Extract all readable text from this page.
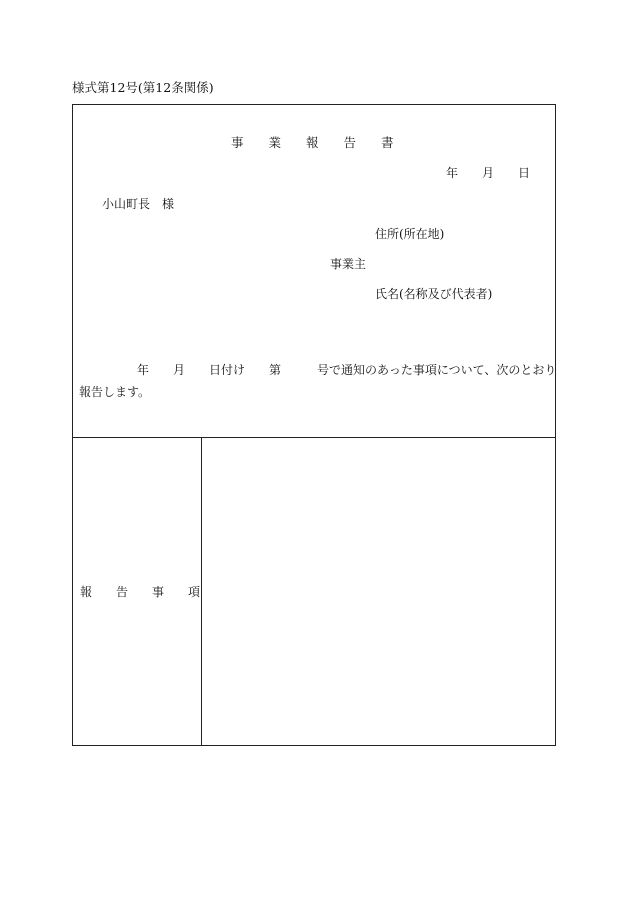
様式第12号(第12条関係)
事　　業　　報　　告　　書
年　　月　　日
小山町長　様
住所(所在地)
事業主
氏名(名称及び代表者)
年　　月　　日付け　　第　　　号で通知のあった事項について、次のとおり
報告します。
報　　告　　事　　項
